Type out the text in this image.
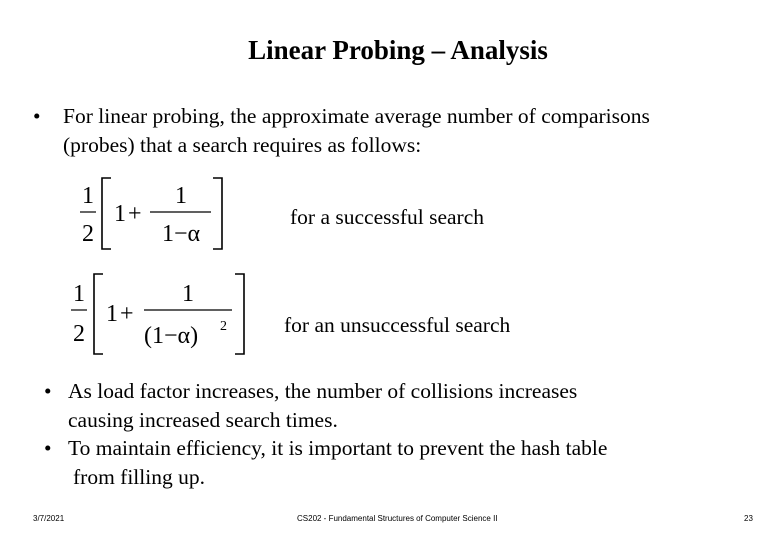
Linear Probing – Analysis
•	For linear probing, the approximate average number of comparisons
(probes) that a search requires as follows:
1
2
1 +
1
1−α
for a successful search
1
2
1 +
1
(1−α) 2	for an unsuccessful search
• As load factor increases, the number of collisions increases
causing increased search times.
• To maintain efficiency, it is important to prevent the hash table
from filling up.
3/7/2021	CS202 - Fundamental Structures of Computer Science II	23
